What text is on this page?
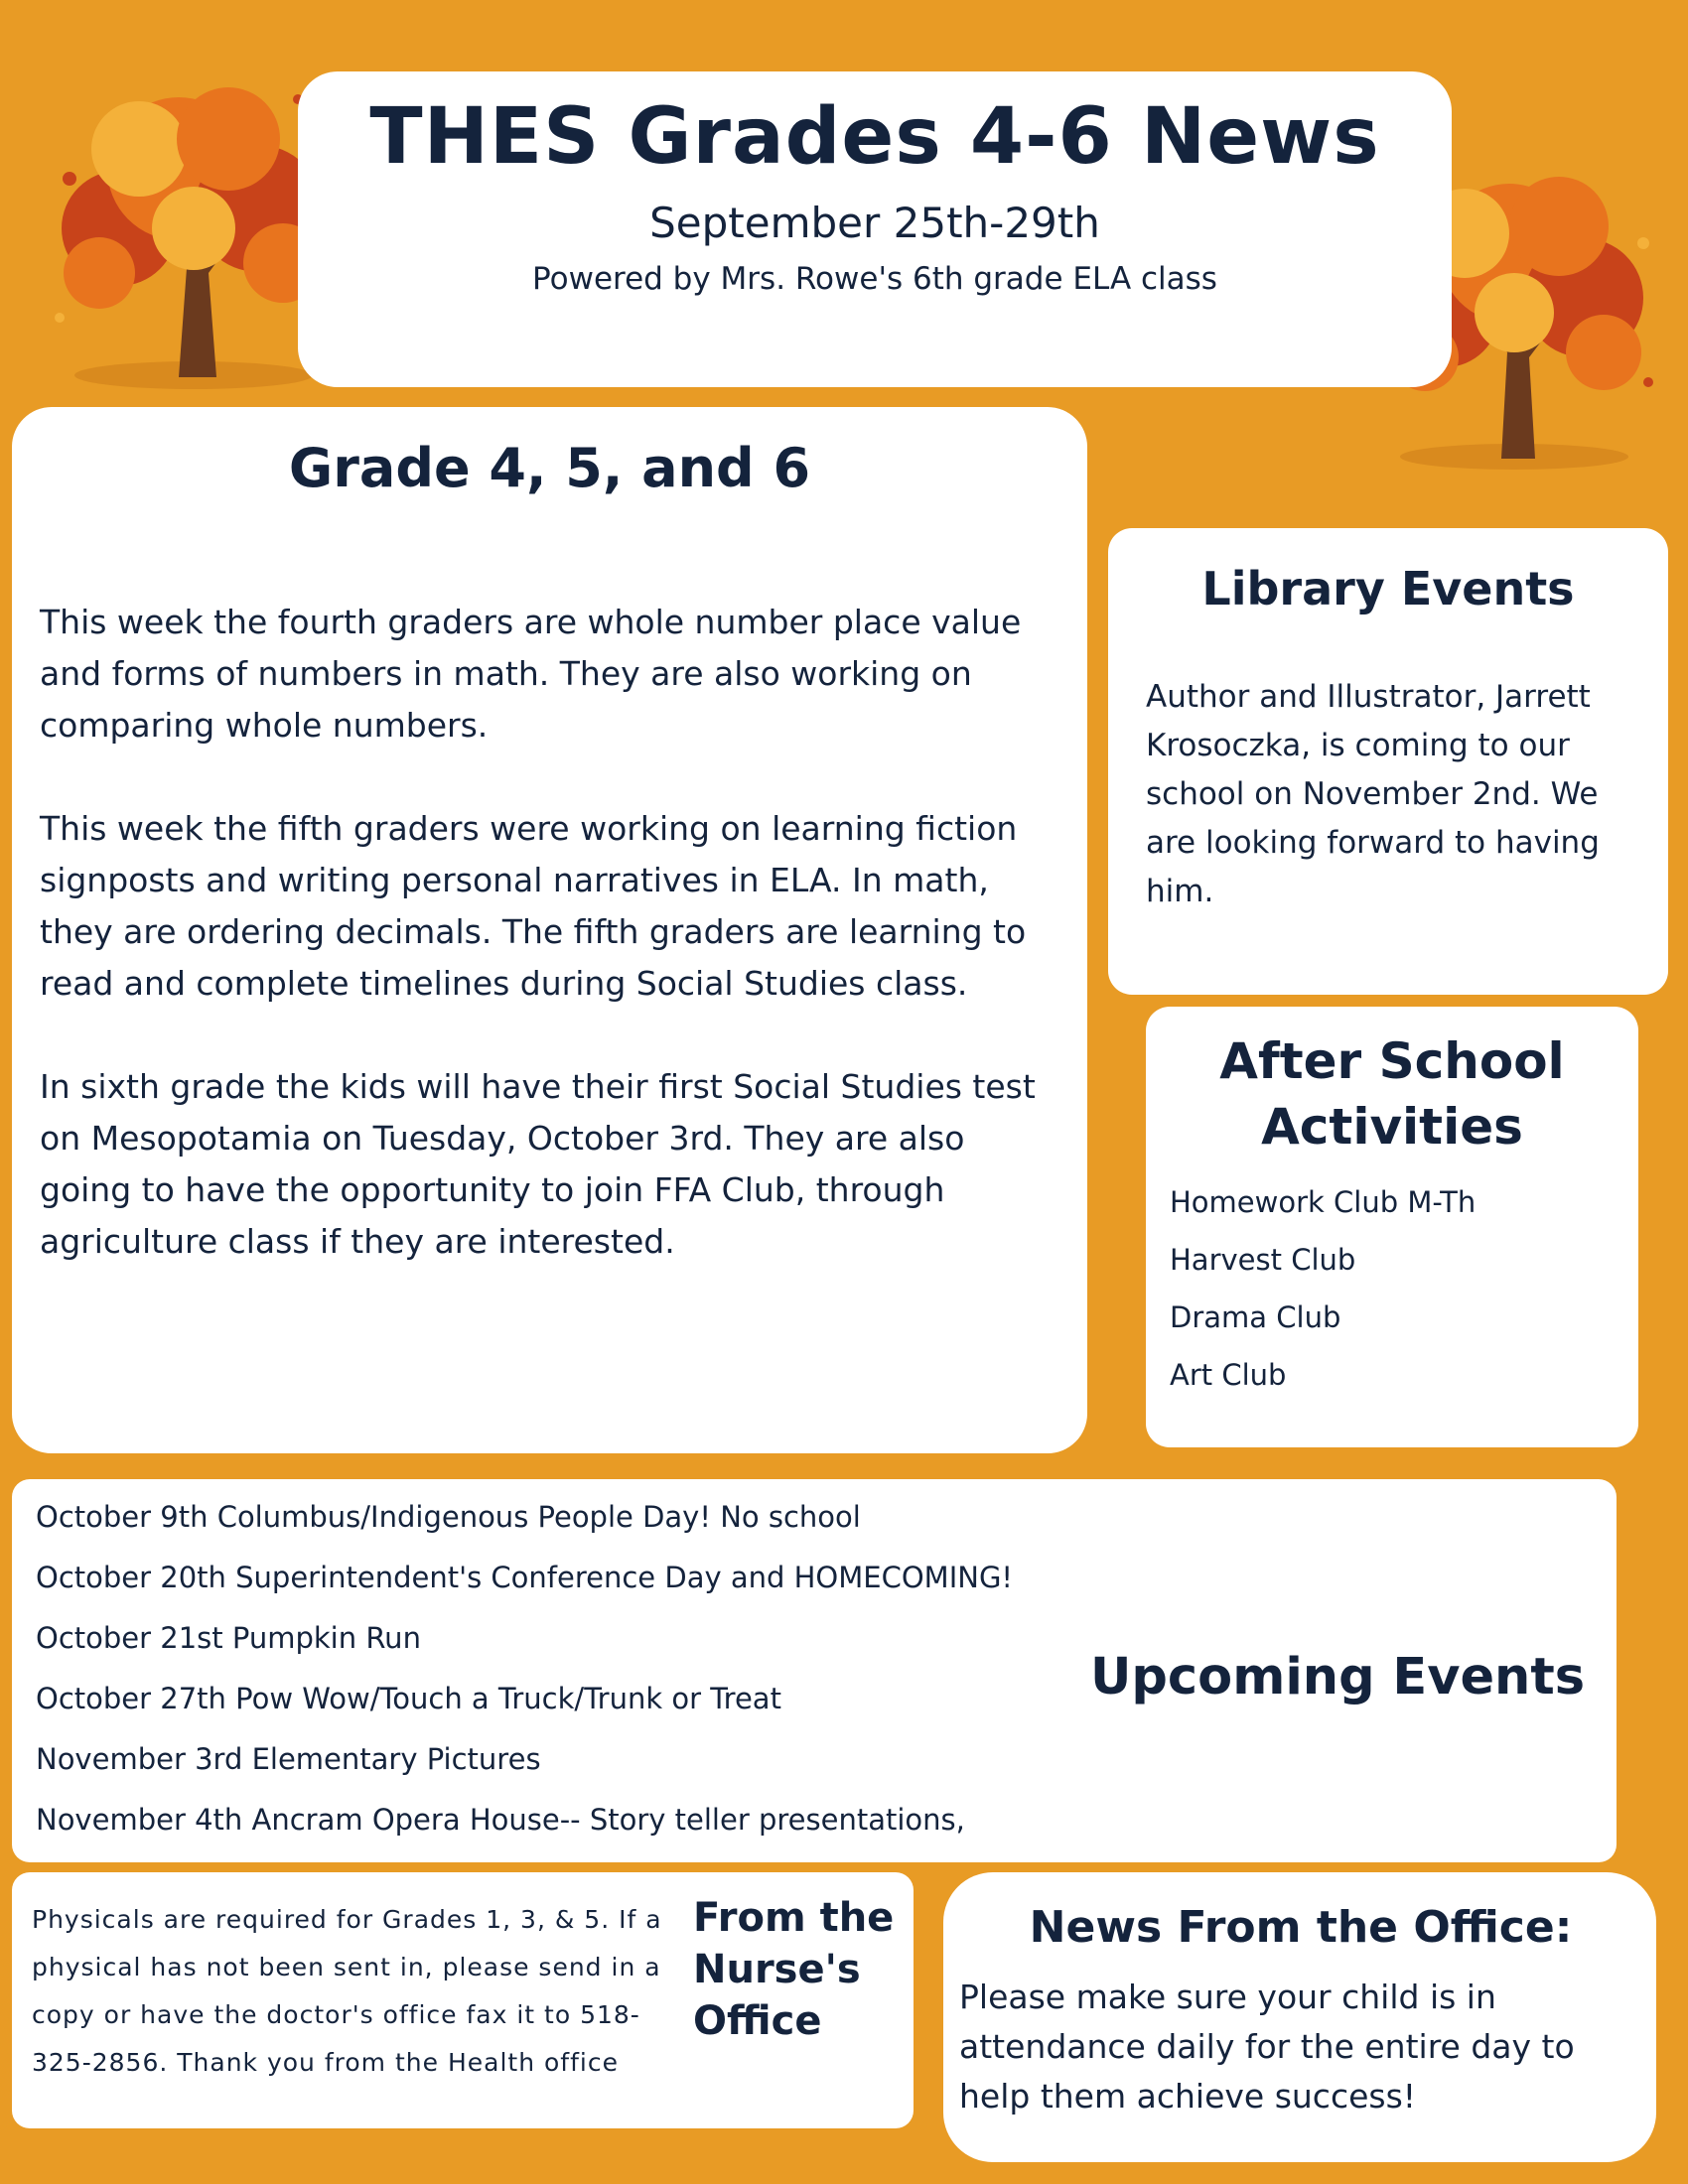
THES Grades 4-6 News
September 25th-29th
Powered by Mrs. Rowe's 6th grade ELA class
Grade 4, 5, and 6

This week the fourth graders are whole number place value and forms of numbers in math. They are also working on comparing whole numbers.

This week the fifth graders were working on learning fiction signposts and writing personal narratives in ELA. In math, they are ordering decimals. The fifth graders are learning to read and complete timelines during Social Studies class.

In sixth grade the kids will have their first Social Studies test on Mesopotamia on Tuesday, October 3rd. They are also going to have the opportunity to join FFA Club, through agriculture class if they are interested.

Library Events

Author and Illustrator, Jarrett Krosoczka, is coming to our school on November 2nd. We are looking forward to having him.

After School Activities
Homework Club M-Th
Harvest Club
Drama Club
Art Club
October 9th Columbus/Indigenous People Day! No school
October 20th Superintendent's Conference Day and HOMECOMING!
October 21st Pumpkin Run
October 27th Pow Wow/Touch a Truck/Trunk or Treat
November 3rd Elementary Pictures
November 4th Ancram Opera House-- Story teller presentations,
Upcoming Events

Physicals are required for Grades 1, 3, & 5. If a physical has not been sent in, please send in a copy or have the doctor's office fax it to 518-325-2856. Thank you from the Health office

From the Nurse's Office
News From the Office:

Please make sure your child is in attendance daily for the entire day to help them achieve success!
